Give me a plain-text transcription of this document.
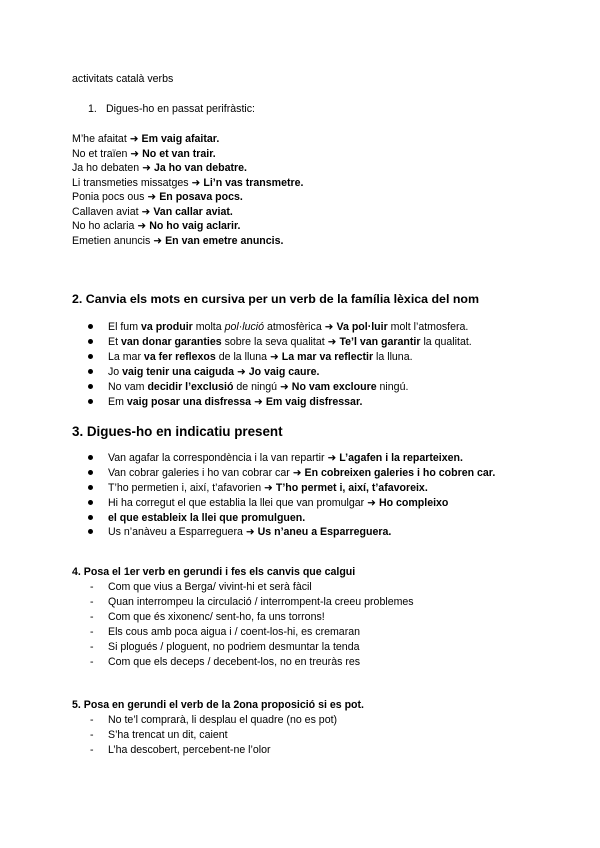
activitats català verbs
1. Digues-ho en passat perifràstic:
M’he afaitat ➜ Em vaig afaitar.
No et traïen ➜ No et van trair.
Ja ho debaten ➜ Ja ho van debatre.
Li transmeties missatges ➜ Li’n vas transmetre.
Ponia pocs ous ➜ En posava pocs.
Callaven aviat ➜ Van callar aviat.
No ho aclaria ➜ No ho vaig aclarir.
Emetien anuncis ➜ En van emetre anuncis.
2. Canvia els mots en cursiva per un verb de la família lèxica del nom
El fum va produir molta pol·lució atmosfèrica ➜ Va pol·luir molt l’atmosfera.
Et van donar garanties sobre la seva qualitat ➜ Te’l van garantir la qualitat.
La mar va fer reflexos de la lluna ➜ La mar va reflectir la lluna.
Jo vaig tenir una caiguda ➜ Jo vaig caure.
No vam decidir l’exclusió de ningú ➜ No vam excloure ningú.
Em vaig posar una disfressa ➜ Em vaig disfressar.
3. Digues-ho en indicatiu present
Van agafar la correspondència i la van repartir ➜ L’agafen i la reparteixen.
Van cobrar galeries i ho van cobrar car ➜ En cobreixen galeries i ho cobren car.
T’ho permetien i, així, t’afavorien ➜ T’ho permet i, així, t’afavoreix.
Hi ha corregut el que establia la llei que van promulgar ➜ Ho compleixo
el que estableix la llei que promulguen.
Us n’anàveu a Esparreguera ➜ Us n’aneu a Esparreguera.
4. Posa el 1er verb en gerundi i fes els canvis que calgui
- Com que vius a Berga/ vivint-hi et serà fàcil
- Quan interrompeu la circulació / interrompent-la creeu problemes
- Com que és xixonenc/ sent-ho, fa uns torrons!
- Els cous amb poca aigua i / coent-los-hi, es cremaran
- Si plogués / ploguent, no podriem desmuntar la tenda
- Com que els deceps / decebent-los, no en treuràs res
5. Posa en gerundi el verb de la 2ona proposició si es pot.
- No te’l comprarà, li desplau el quadre (no es pot)
- S’ha trencat un dit, caient
- L’ha descobert, percebent-ne l’olor
